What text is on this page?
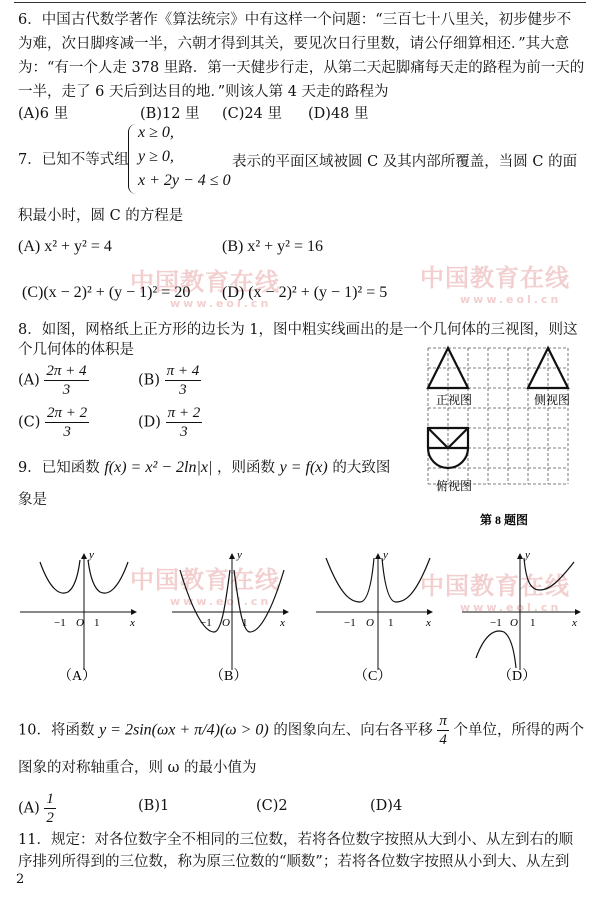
中国教育在线
www.eol.cn
中国教育在线
www.eol.cn
中国教育在线
www.eol.cn
中国教育在线
www.eol.cn
6．中国古代数学著作《算法统宗》中有这样一个问题：“三百七十八里关，初步健步不
为难，次日脚疼减一半，六朝才得到其关，要见次日行里数，请公仔细算相还．”其大意
为：“有一个人走 378 里路．第一天健步行走，从第二天起脚痛每天走的路程为前一天的
一半，走了 6 天后到达目的地．”则该人第 4 天走的路程为
(A)6 里	(B)12 里 (C)24 里 (D)48 里
7．已知不等式组
x ≥ 0,
y ≥ 0,
x + 2y − 4 ≤ 0
表示的平面区域被圆 C 及其内部所覆盖，当圆 C 的面
积最小时，圆 C 的方程是
(A) x² + y² = 4	(B) x² + y² = 16
(C)(x − 2)² + (y − 1)² = 20 (D) (x − 2)² + (y − 1)² = 5
8．如图，网格纸上正方形的边长为 1，图中粗实线画出的是一个几何体的三视图，则这
个几何体的体积是
$(A) \frac{2\pi + 4}{3}$	$(B) \frac{\pi + 4}{3}$
$(C) \frac{2\pi + 2}{3}$	$(D) \frac{\pi + 2}{3}$
正视图	侧视图
俯视图
第 8 题图
9．已知函数 f(x) = x² − 2ln|x| ，则函数 y = f(x) 的大致图
象是
y
x
−1 O 1
y
x
−1 O 1
y
x
−1 O 1
y
x
−1 O 1
（A）	（B）	（C）	（D）
10．将函数 y = 2sin(ωx + π/4)(ω > 0) 的图象向左、向右各平移 $\frac{\pi}{4}$ 个单位，所得的两个
图象的对称轴重合，则 ω 的最小值为
$(A) \frac{1}{2}$	(B)1	(C)2	(D)4
11．规定：对各位数字全不相同的三位数，若将各位数字按照从大到小、从左到右的顺
序排列所得到的三位数，称为原三位数的“顺数”；若将各位数字按照从小到大、从左到
2
